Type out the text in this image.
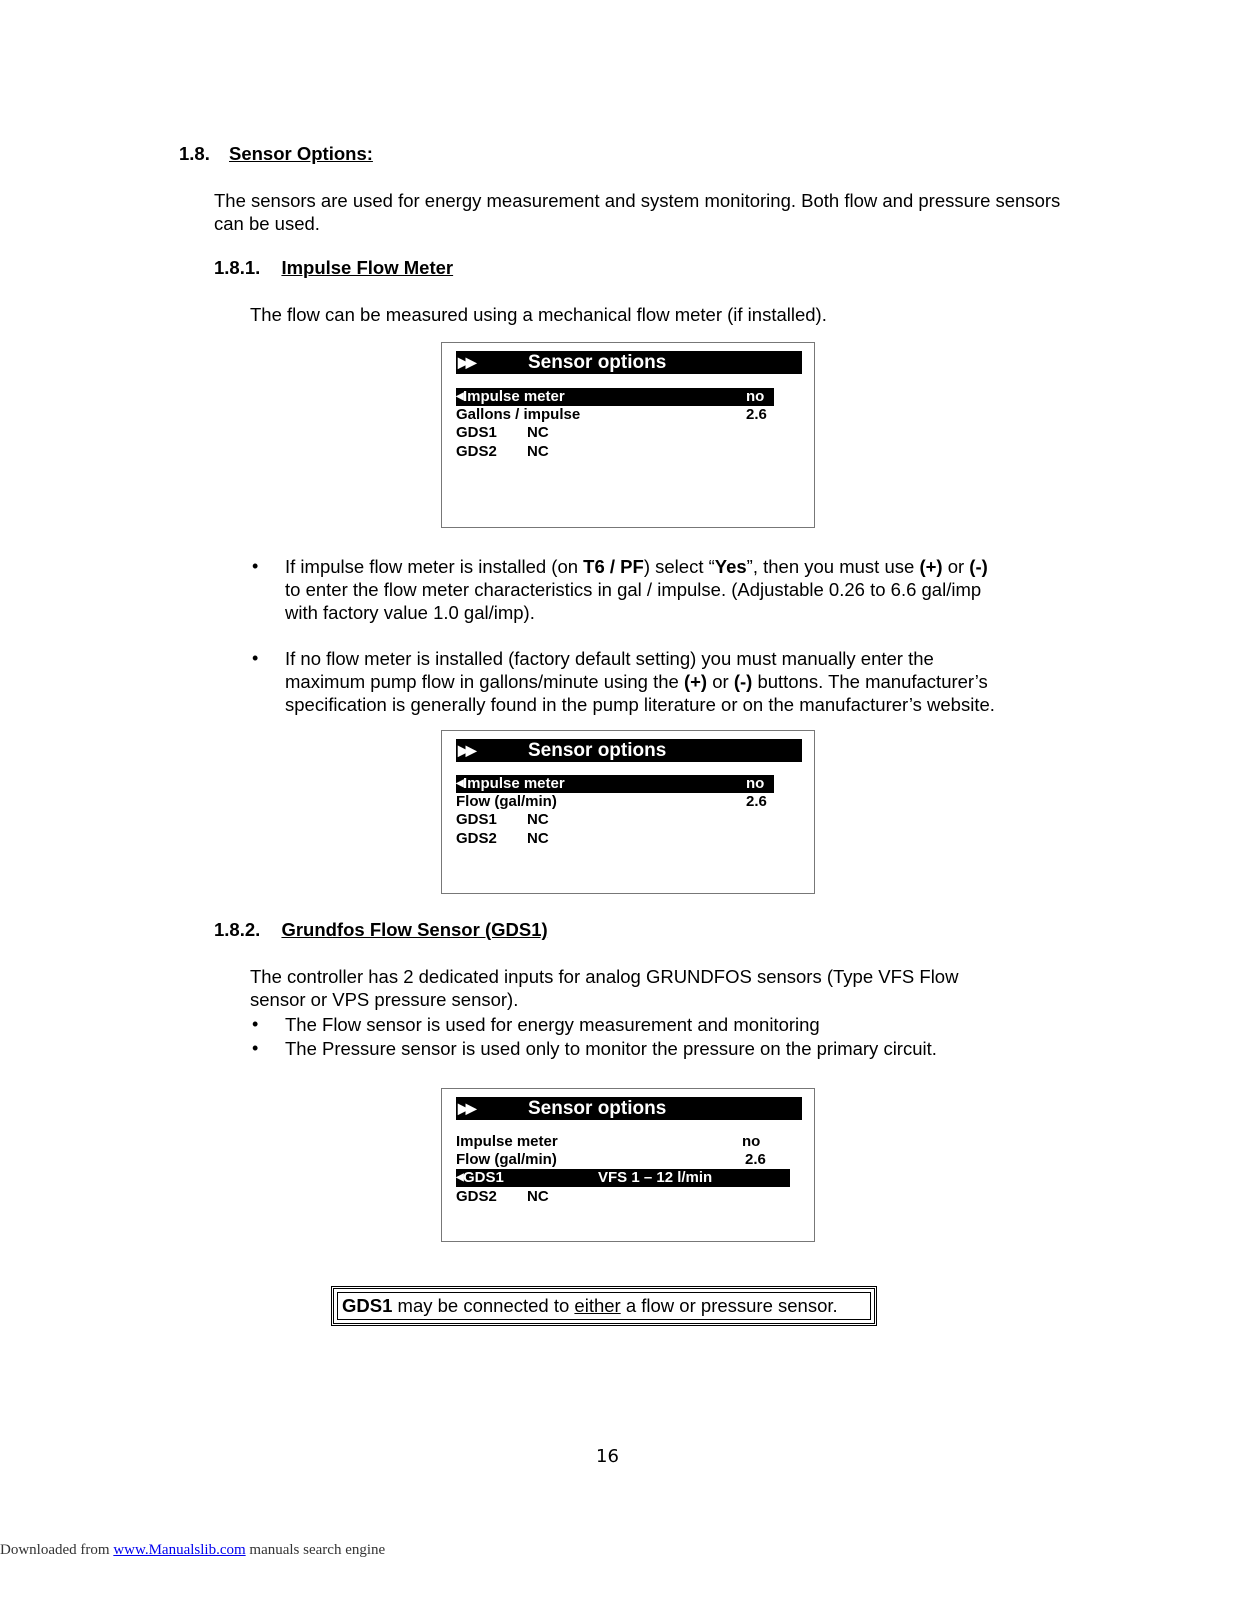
1.8. Sensor Options:
The sensors are used for energy measurement and system monitoring. Both flow and pressure sensors can be used.
1.8.1. Impulse Flow Meter
The flow can be measured using a mechanical flow meter (if installed).
▶▶	Sensor options
◀ Impulse meter	no
Gallons / impulse	2.6
GDS1 NC
GDS2 NC
• If impulse flow meter is installed (on T6 / PF) select “Yes”, then you must use (+) or (-)
to enter the flow meter characteristics in gal / impulse. (Adjustable 0.26 to 6.6 gal/imp
with factory value 1.0 gal/imp).
• If no flow meter is installed (factory default setting) you must manually enter the
maximum pump flow in gallons/minute using the (+) or (-) buttons. The manufacturer’s
specification is generally found in the pump literature or on the manufacturer’s website.
▶▶	Sensor options
◀ Impulse meter	no
Flow (gal/min)	2.6
GDS1 NC
GDS2 NC
1.8.2. Grundfos Flow Sensor (GDS1)
The controller has 2 dedicated inputs for analog GRUNDFOS sensors (Type VFS Flow
sensor or VPS pressure sensor).
• The Flow sensor is used for energy measurement and monitoring
• The Pressure sensor is used only to monitor the pressure on the primary circuit.
▶▶	Sensor options
Impulse meter	no
Flow (gal/min)	2.6
◀ GDS1	VFS 1 – 12 l/min
GDS2 NC
GDS1 may be connected to either a flow or pressure sensor.
16
Downloaded from www.Manualslib.com manuals search engine
